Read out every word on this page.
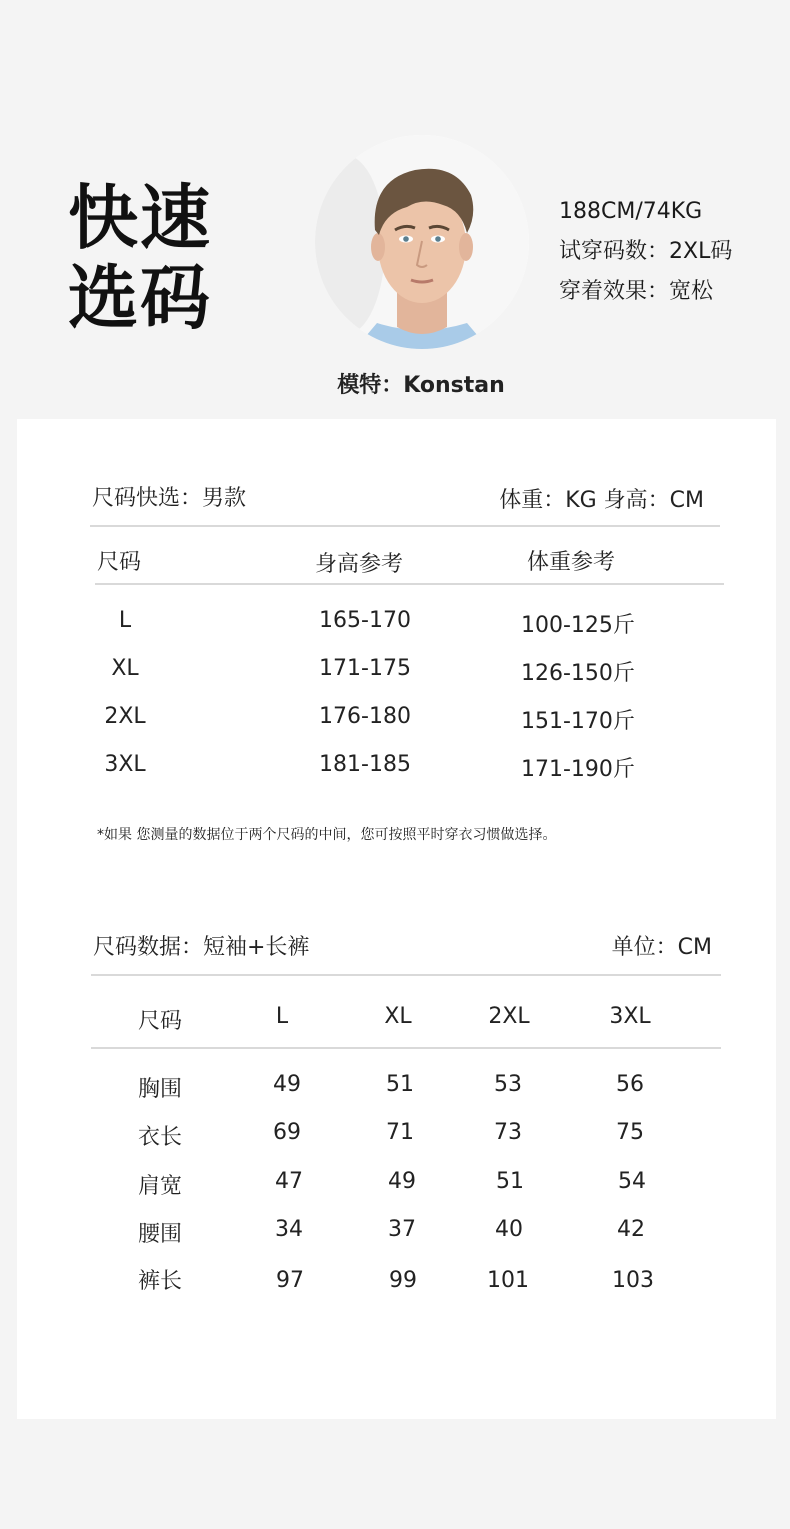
快速
选码
188CM/74KG
试穿码数：2XL码
穿着效果：宽松
模特：Konstan
尺码快选：男款	体重：KG 身高：CM
尺码	身高参考	体重参考
L	165-170	100-125斤
XL	171-175	126-150斤
2XL	176-180	151-170斤
3XL	181-185	171-190斤
*如果 您测量的数据位于两个尺码的中间，您可按照平时穿衣习惯做选择。
尺码数据：短袖+长裤	单位：CM
尺码	L	XL	2XL	3XL
胸围	49	51	53	56
衣长	69	71	73	75
肩宽	47	49	51	54
腰围	34	37	40	42
裤长	97	99	101	103
